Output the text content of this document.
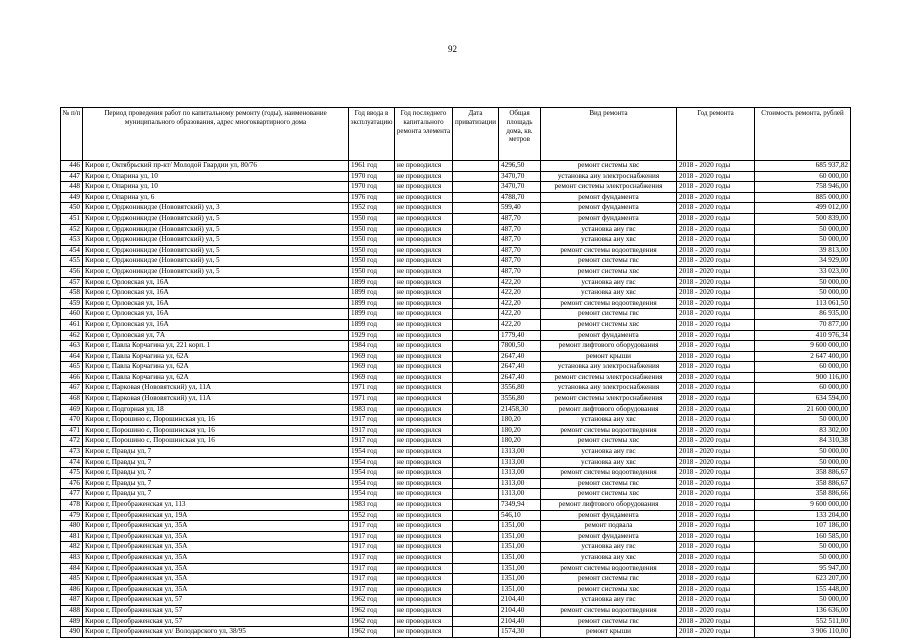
92
№ п/п	Период проведения работ по капитальному ремонту (годы), наименование муниципального образования, адрес многоквартирного дома	Год ввода в эксплуатацию	Год последнего капитального ремонта элемента	Дата приватизации	Общая площадь дома, кв. метров	Вид ремонта	Год ремонта	Стоимость ремонта, рублей
446	Киров г, Октябрьский пр-кт/ Молодой Гвардии ул, 80/76	1961 год	не проводился		4296,50	ремонт системы хвс	2018 - 2020 годы	685 937,82
447	Киров г, Опарина ул, 10	1970 год	не проводился		3470,70	установка аиу электроснабжения	2018 - 2020 годы	60 000,00
448	Киров г, Опарина ул, 10	1970 год	не проводился		3470,70	ремонт системы электроснабжения	2018 - 2020 годы	758 946,00
449	Киров г, Опарина ул, 6	1976 год	не проводился		4788,70	ремонт фундамента	2018 - 2020 годы	885 000,00
450	Киров г, Орджоникидзе (Нововятский) ул, 3	1952 год	не проводился		599,40	ремонт фундамента	2018 - 2020 годы	499 012,00
451	Киров г, Орджоникидзе (Нововятский) ул, 5	1950 год	не проводился		487,70	ремонт фундамента	2018 - 2020 годы	500 839,00
452	Киров г, Орджоникидзе (Нововятский) ул, 5	1950 год	не проводился		487,70	установка аиу гвс	2018 - 2020 годы	50 000,00
453	Киров г, Орджоникидзе (Нововятский) ул, 5	1950 год	не проводился		487,70	установка аиу хвс	2018 - 2020 годы	50 000,00
454	Киров г, Орджоникидзе (Нововятский) ул, 5	1950 год	не проводился		487,70	ремонт системы водоотведения	2018 - 2020 годы	39 813,00
455	Киров г, Орджоникидзе (Нововятский) ул, 5	1950 год	не проводился		487,70	ремонт системы гвс	2018 - 2020 годы	34 929,00
456	Киров г, Орджоникидзе (Нововятский) ул, 5	1950 год	не проводился		487,70	ремонт системы хвс	2018 - 2020 годы	33 023,00
457	Киров г, Орловская ул, 16А	1899 год	не проводился		422,20	установка аиу гвс	2018 - 2020 годы	50 000,00
458	Киров г, Орловская ул, 16А	1899 год	не проводился		422,20	установка аиу хвс	2018 - 2020 годы	50 000,00
459	Киров г, Орловская ул, 16А	1899 год	не проводился		422,20	ремонт системы водоотведения	2018 - 2020 годы	113 061,50
460	Киров г, Орловская ул, 16А	1899 год	не проводился		422,20	ремонт системы гвс	2018 - 2020 годы	86 935,00
461	Киров г, Орловская ул, 16А	1899 год	не проводился		422,20	ремонт системы хвс	2018 - 2020 годы	70 877,00
462	Киров г, Орловская ул, 7А	1929 год	не проводился		1779,40	ремонт фундамента	2018 - 2020 годы	410 976,34
463	Киров г, Павла Корчагина ул, 221 корп. 1	1984 год	не проводился		7800,50	ремонт лифтового оборудования	2018 - 2020 годы	9 600 000,00
464	Киров г, Павла Корчагина ул, 62А	1969 год	не проводился		2647,40	ремонт крыши	2018 - 2020 годы	2 647 400,00
465	Киров г, Павла Корчагина ул, 62А	1969 год	не проводился		2647,40	установка аиу электроснабжения	2018 - 2020 годы	60 000,00
466	Киров г, Павла Корчагина ул, 62А	1969 год	не проводился		2647,40	ремонт системы электроснабжения	2018 - 2020 годы	900 116,00
467	Киров г, Парковая (Нововятский) ул, 11А	1971 год	не проводился		3556,80	установка аиу электроснабжения	2018 - 2020 годы	60 000,00
468	Киров г, Парковая (Нововятский) ул, 11А	1971 год	не проводился		3556,80	ремонт системы электроснабжения	2018 - 2020 годы	634 594,00
469	Киров г, Подгорная ул, 18	1983 год	не проводился		21458,30	ремонт лифтового оборудования	2018 - 2020 годы	21 600 000,00
470	Киров г, Порошино с, Порошинская ул, 16	1917 год	не проводился		180,20	установка аиу хвс	2018 - 2020 годы	50 000,00
471	Киров г, Порошино с, Порошинская ул, 16	1917 год	не проводился		180,20	ремонт системы водоотведения	2018 - 2020 годы	83 302,00
472	Киров г, Порошино с, Порошинская ул, 16	1917 год	не проводился		180,20	ремонт системы хвс	2018 - 2020 годы	84 310,38
473	Киров г, Правды ул, 7	1954 год	не проводился		1313,00	установка аиу гвс	2018 - 2020 годы	50 000,00
474	Киров г, Правды ул, 7	1954 год	не проводился		1313,00	установка аиу хвс	2018 - 2020 годы	50 000,00
475	Киров г, Правды ул, 7	1954 год	не проводился		1313,00	ремонт системы водоотведения	2018 - 2020 годы	358 886,67
476	Киров г, Правды ул, 7	1954 год	не проводился		1313,00	ремонт системы гвс	2018 - 2020 годы	358 886,67
477	Киров г, Правды ул, 7	1954 год	не проводился		1313,00	ремонт системы хвс	2018 - 2020 годы	358 886,66
478	Киров г, Преображенская ул, 113	1983 год	не проводился		7349,94	ремонт лифтового оборудования	2018 - 2020 годы	9 600 000,00
479	Киров г, Преображенская ул, 19А	1952 год	не проводился		546,10	ремонт фундамента	2018 - 2020 годы	133 204,00
480	Киров г, Преображенская ул, 35А	1917 год	не проводился		1351,00	ремонт подвала	2018 - 2020 годы	107 186,00
481	Киров г, Преображенская ул, 35А	1917 год	не проводился		1351,00	ремонт фундамента	2018 - 2020 годы	160 585,00
482	Киров г, Преображенская ул, 35А	1917 год	не проводился		1351,00	установка аиу гвс	2018 - 2020 годы	50 000,00
483	Киров г, Преображенская ул, 35А	1917 год	не проводился		1351,00	установка аиу хвс	2018 - 2020 годы	50 000,00
484	Киров г, Преображенская ул, 35А	1917 год	не проводился		1351,00	ремонт системы водоотведения	2018 - 2020 годы	95 947,00
485	Киров г, Преображенская ул, 35А	1917 год	не проводился		1351,00	ремонт системы гвс	2018 - 2020 годы	623 207,00
486	Киров г, Преображенская ул, 35А	1917 год	не проводился		1351,00	ремонт системы хвс	2018 - 2020 годы	155 448,00
487	Киров г, Преображенская ул, 57	1962 год	не проводился		2104,40	установка аиу гвс	2018 - 2020 годы	50 000,00
488	Киров г, Преображенская ул, 57	1962 год	не проводился		2104,40	ремонт системы водоотведения	2018 - 2020 годы	136 636,00
489	Киров г, Преображенская ул, 57	1962 год	не проводился		2104,40	ремонт системы гвс	2018 - 2020 годы	552 511,00
490	Киров г, Преображенская ул/ Володарского ул, 38/95	1962 год	не проводился		1574,30	ремонт крыши	2018 - 2020 годы	3 906 110,00
